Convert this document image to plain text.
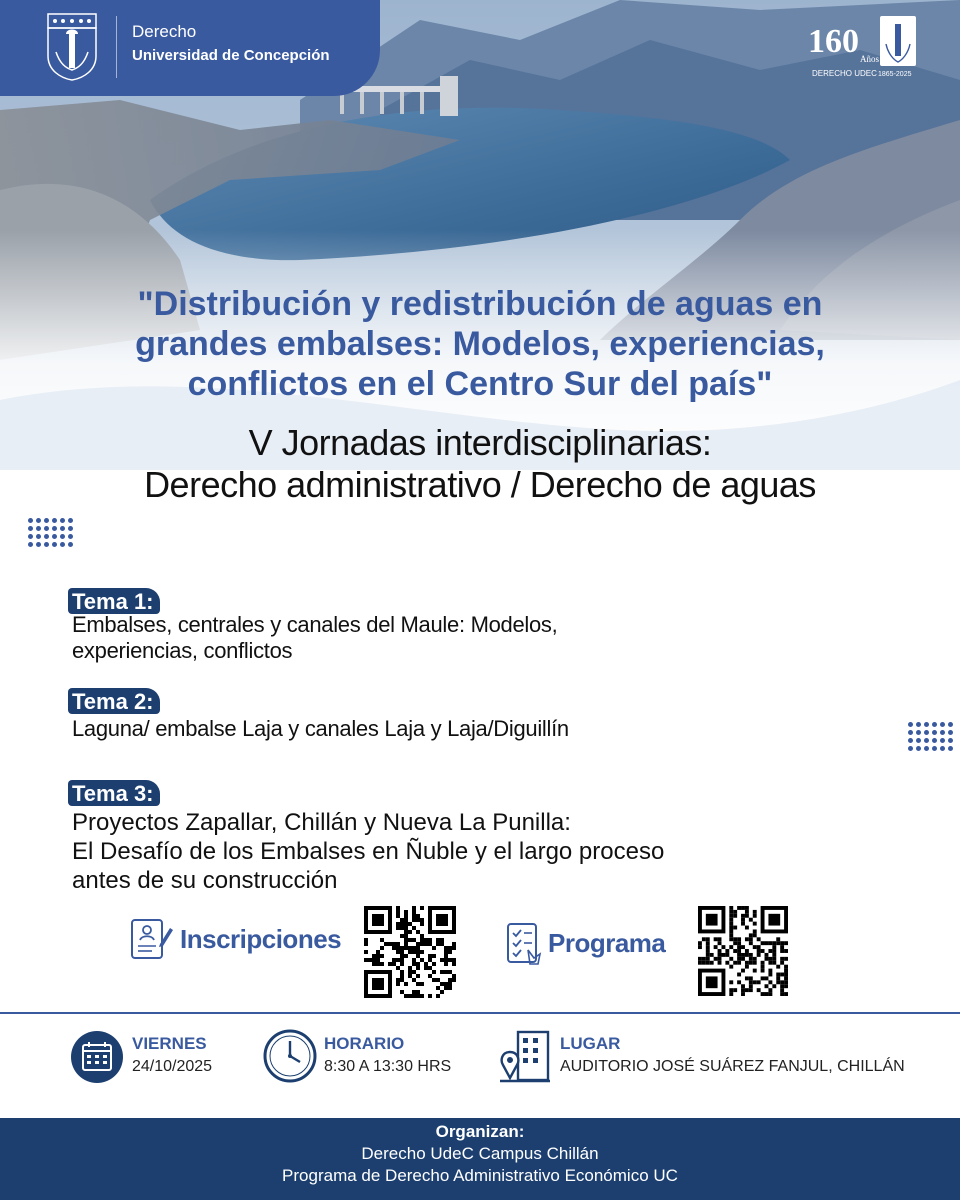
Derecho
Universidad de Concepción	160 Años
DERECHO UDEC 1865-2025
"Distribución y redistribución de aguas en
grandes embalses: Modelos, experiencias,
conflictos en el Centro Sur del país"
V Jornadas interdisciplinarias:
Derecho administrativo / Derecho de aguas
Tema 1:
Embalses, centrales y canales del Maule: Modelos,
experiencias, conflictos
Tema 2:
Laguna/ embalse Laja y canales Laja y Laja/Diguillín
Tema 3:
Proyectos Zapallar, Chillán y Nueva La Punilla:
El Desafío de los Embalses en Ñuble y el largo proceso
antes de su construcción
Inscripciones	Programa
VIERNES
24/10/2025
HORARIO
8:30 A 13:30 HRS
LUGAR
AUDITORIO JOSÉ SUÁREZ FANJUL, CHILLÁN
Organizan:
Derecho UdeC Campus Chillán
Programa de Derecho Administrativo Económico UC
